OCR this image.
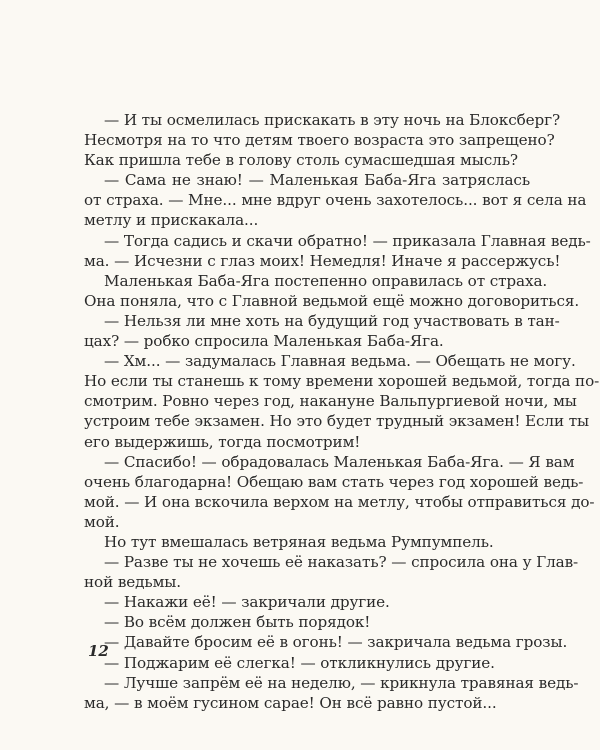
— И ты осмелилась прискакать в эту ночь на Блоксберг?
Несмотря на то что детям твоего возраста это запрещено?
Как пришла тебе в голову столь сумасшедшая мысль?
— Сама не знаю! — Маленькая Баба-Яга затряслась
от страха. — Мне... мне вдруг очень захотелось... вот я села на
метлу и прискакала...
— Тогда садись и скачи обратно! — приказала Главная ведь-
ма. — Исчезни с глаз моих! Немедля! Иначе я рассержусь!
Маленькая Баба-Яга постепенно оправилась от страха.
Она поняла, что с Главной ведьмой ещё можно договориться.
— Нельзя ли мне хоть на будущий год участвовать в тан-
цах? — робко спросила Маленькая Баба-Яга.
— Хм... — задумалась Главная ведьма. — Обещать не могу.
Но если ты станешь к тому времени хорошей ведьмой, тогда по-
смотрим. Ровно через год, накануне Вальпургиевой ночи, мы
устроим тебе экзамен. Но это будет трудный экзамен! Если ты
его выдержишь, тогда посмотрим!
— Спасибо! — обрадовалась Маленькая Баба-Яга. — Я вам
очень благодарна! Обещаю вам стать через год хорошей ведь-
мой. — И она вскочила верхом на метлу, чтобы отправиться до-
мой.
Но тут вмешалась ветряная ведьма Румпумпель.
— Разве ты не хочешь её наказать? — спросила она у Глав-
ной ведьмы.
— Накажи её! — закричали другие.
— Во всём должен быть порядок!
— Давайте бросим её в огонь! — закричала ведьма грозы.
— Поджарим её слегка! — откликнулись другие.
— Лучше запрём её на неделю, — крикнула травяная ведь-
ма, — в моём гусином сарае! Он всё равно пустой...
12
